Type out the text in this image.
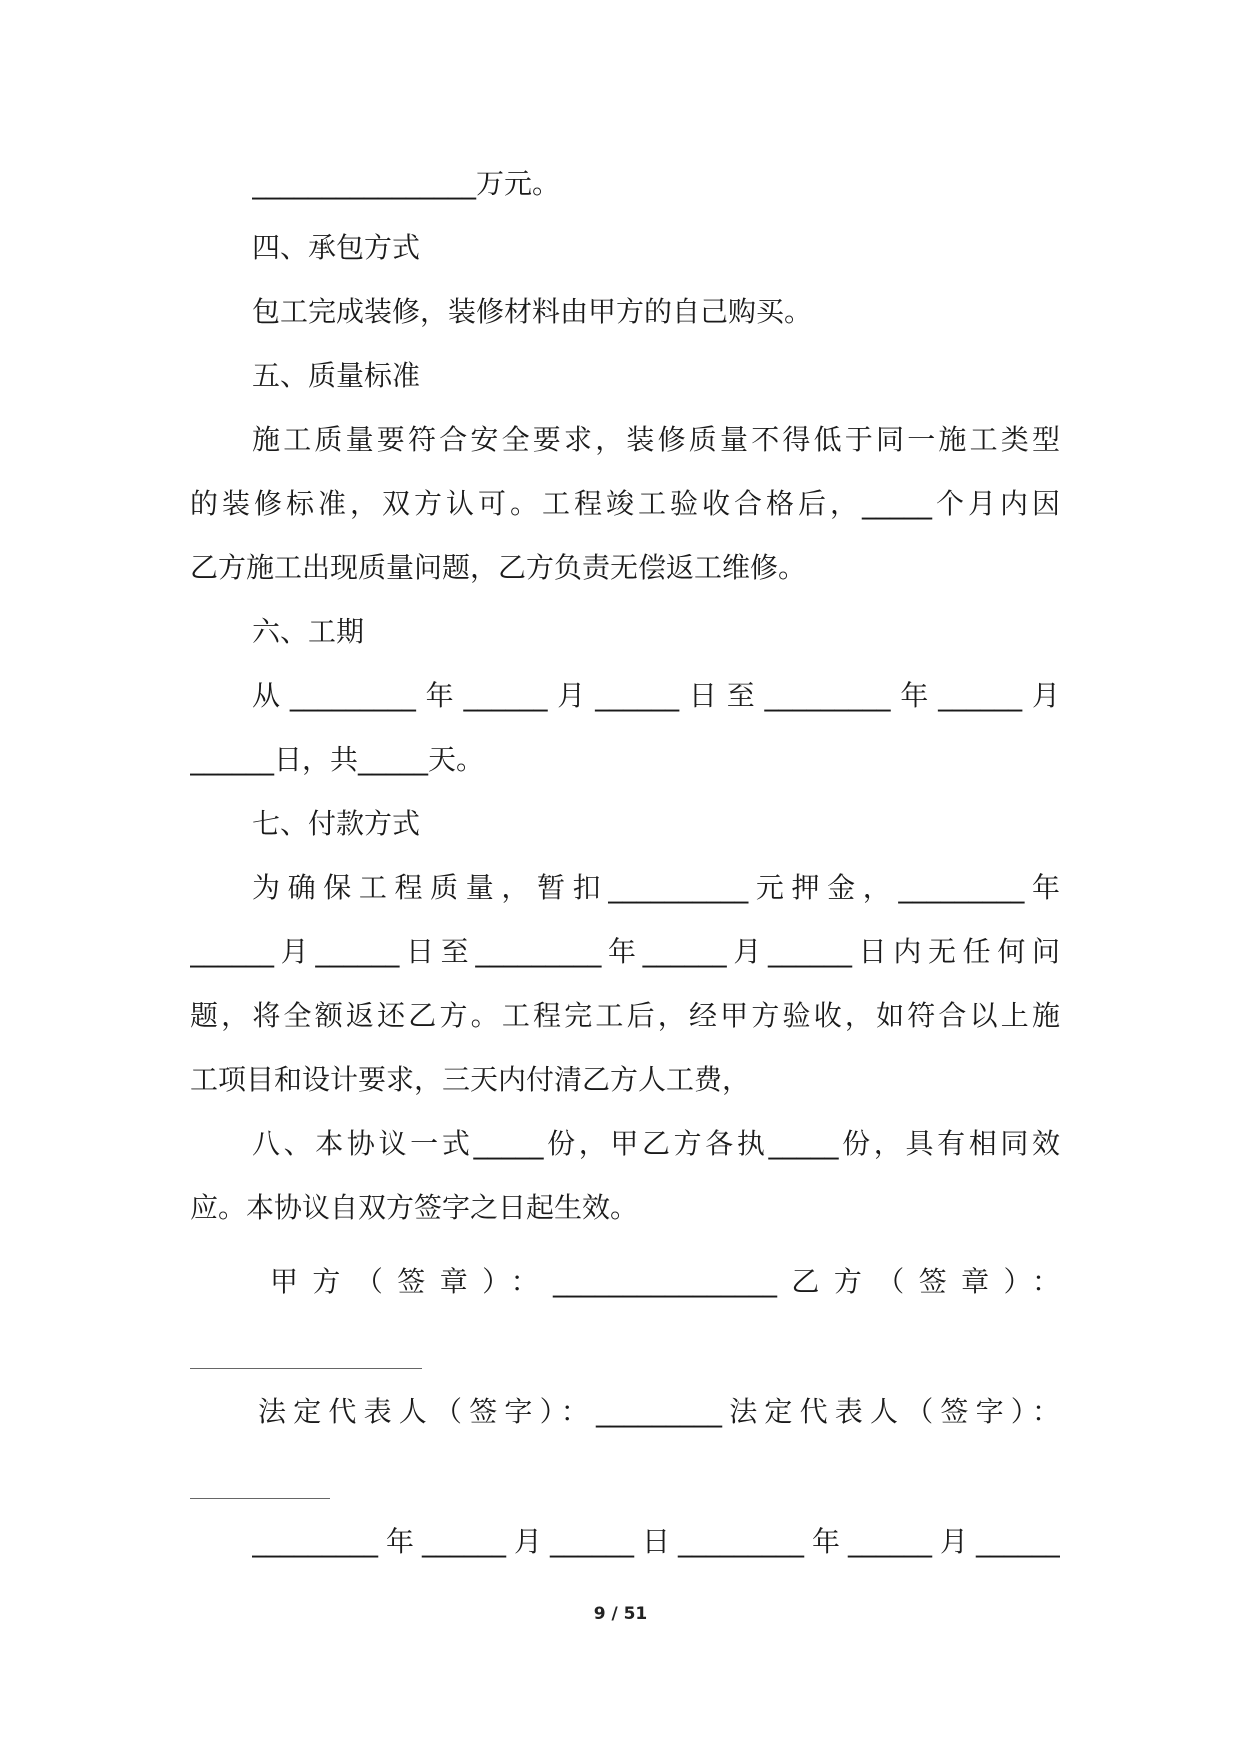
________________万元。
四、承包方式
包工完成装修，装修材料由甲方的自己购买。
五、质量标准
施工质量要符合安全要求，装修质量不得低于同一施工类型
的装修标准，双方认可。工程竣工验收合格后，_____个月内因
乙方施工出现质量问题，乙方负责无偿返工维修。
六、工期
从_________年______月______日至_________年______月
______日，共_____天。
七、付款方式
为确保工程质量，暂扣__________元押金，_________年
______月______日至_________年______月______日内无任何问
题，将全额返还乙方。工程完工后，经甲方验收，如符合以上施
工项目和设计要求，三天内付清乙方人工费，
八、本协议一式_____份，甲乙方各执_____份，具有相同效
应。本协议自双方签字之日起生效。
甲方（签章）：________________乙方（签章）：
法定代表人（签字）：_________法定代表人（签字）：
_________年______月______日_________年______月______
9 / 51
